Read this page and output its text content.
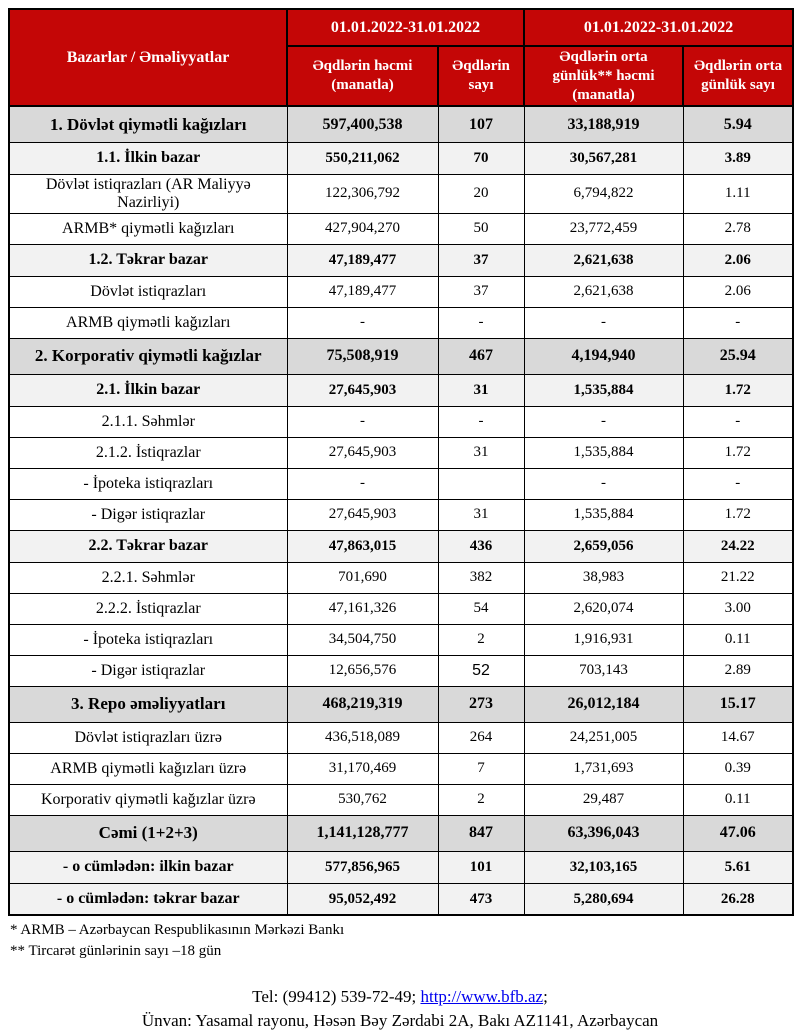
Bazarlar / Əməliyyatlar	01.01.2022-31.01.2022		01.01.2022-31.01.2022	
	Əqdlərin həcmi (manatla)	Əqdlərin sayı	Əqdlərin orta günlük** həcmi (manatla)	Əqdlərin orta günlük sayı
1. Dövlət qiymətli kağızları	597,400,538	107	33,188,919	5.94
1.1. İlkin bazar	550,211,062	70	30,567,281	3.89
Dövlət istiqrazları (AR Maliyyə Nazirliyi)	122,306,792	20	6,794,822	1.11
ARMB* qiymətli kağızları	427,904,270	50	23,772,459	2.78
1.2. Təkrar bazar	47,189,477	37	2,621,638	2.06
Dövlət istiqrazları	47,189,477	37	2,621,638	2.06
ARMB qiymətli kağızları	-	-	-	-
2. Korporativ qiymətli kağızlar	75,508,919	467	4,194,940	25.94
2.1. İlkin bazar	27,645,903	31	1,535,884	1.72
2.1.1. Səhmlər	-	-	-	-
2.1.2. İstiqrazlar	27,645,903	31	1,535,884	1.72
- İpoteka istiqrazları	-		-	-
- Digər istiqrazlar	27,645,903	31	1,535,884	1.72
2.2. Təkrar bazar	47,863,015	436	2,659,056	24.22
2.2.1. Səhmlər	701,690	382	38,983	21.22
2.2.2. İstiqrazlar	47,161,326	54	2,620,074	3.00
- İpoteka istiqrazları	34,504,750	2	1,916,931	0.11
- Digər istiqrazlar	12,656,576	52	703,143	2.89
3. Repo əməliyyatları	468,219,319	273	26,012,184	15.17
Dövlət istiqrazları üzrə	436,518,089	264	24,251,005	14.67
ARMB qiymətli kağızları üzrə	31,170,469	7	1,731,693	0.39
Korporativ qiymətli kağızlar üzrə	530,762	2	29,487	0.11
Cəmi (1+2+3)	1,141,128,777	847	63,396,043	47.06
- o cümlədən: ilkin bazar	577,856,965	101	32,103,165	5.61
- o cümlədən: təkrar bazar	95,052,492	473	5,280,694	26.28
* ARMB – Azərbaycan Respublikasının Mərkəzi Bankı
** Tircarət günlərinin sayı –18 gün
Tel: (99412) 539-72-49; http://www.bfb.az;
Ünvan: Yasamal rayonu, Həsən Bəy Zərdabi 2A, Bakı AZ1141, Azərbaycan
